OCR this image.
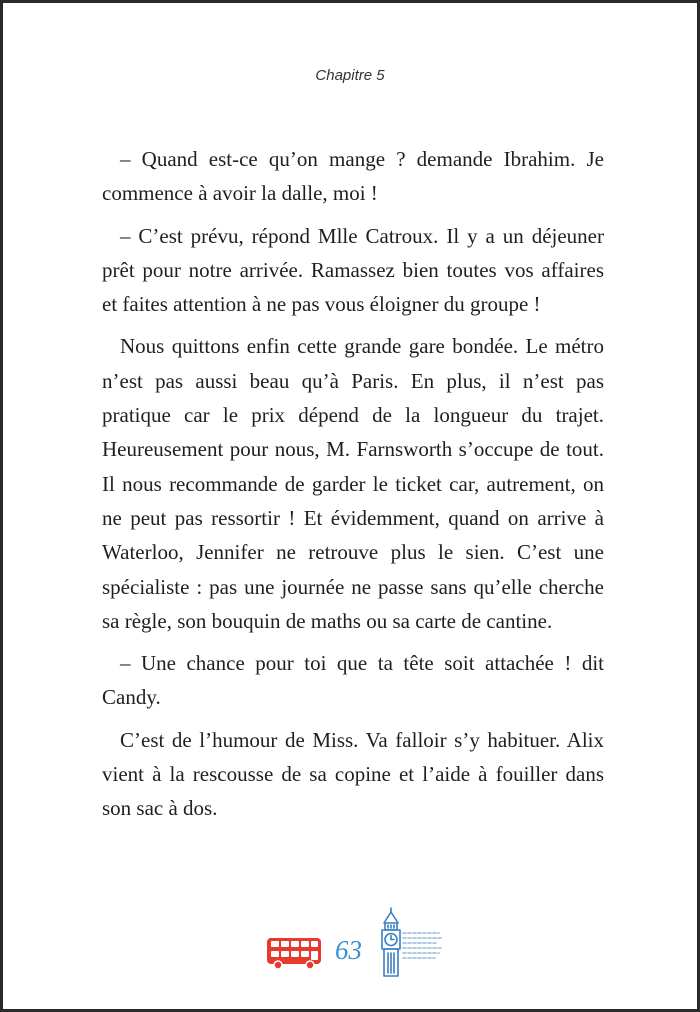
Chapitre 5

– Quand est-ce qu’on mange ? demande Ibrahim. Je commence à avoir la dalle, moi !

– C’est prévu, répond Mlle Catroux. Il y a un déjeuner prêt pour notre arrivée. Ramassez bien toutes vos affaires et faites attention à ne pas vous éloigner du groupe !

Nous quittons enfin cette grande gare bondée. Le métro n’est pas aussi beau qu’à Paris. En plus, il n’est pas pratique car le prix dépend de la longueur du trajet. Heureusement pour nous, M. Farnsworth s’occupe de tout. Il nous recommande de garder le ticket car, autrement, on ne peut pas ressortir ! Et évidemment, quand on arrive à Waterloo, Jennifer ne retrouve plus le sien. C’est une spécialiste : pas une journée ne passe sans qu’elle cherche sa règle, son bouquin de maths ou sa carte de cantine.

– Une chance pour toi que ta tête soit attachée ! dit Candy.

C’est de l’humour de Miss. Va falloir s’y habituer. Alix vient à la rescousse de sa copine et l’aide à fouiller dans son sac à dos.

63
